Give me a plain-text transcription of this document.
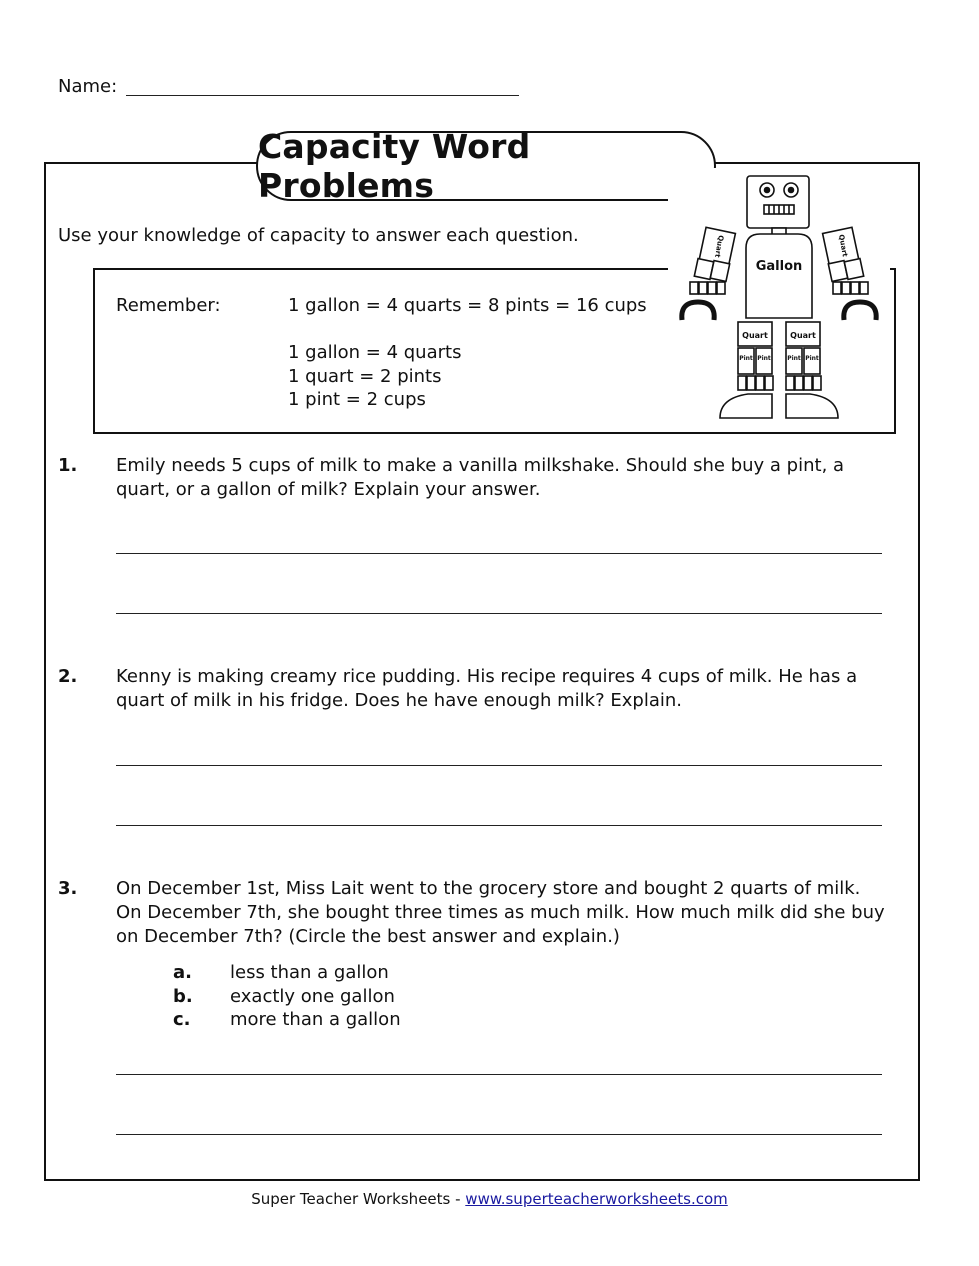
Name:
Capacity Word Problems
Use your knowledge of capacity to answer each question.
Remember:	1 gallon = 4 quarts = 8 pints = 16 cups
1 gallon = 4 quarts
1 quart = 2 pints
1 pint = 2 cups
Gallon
Quart	Quart
Quart	Quart
Pint Pint	Pint Pint
1. Emily needs 5 cups of milk to make a vanilla milkshake. Should she buy a pint, a
quart, or a gallon of milk? Explain your answer.
2. Kenny is making creamy rice pudding. His recipe requires 4 cups of milk. He has a
quart of milk in his fridge. Does he have enough milk? Explain.
3. On December 1st, Miss Lait went to the grocery store and bought 2 quarts of milk.
On December 7th, she bought three times as much milk. How much milk did she buy
on December 7th? (Circle the best answer and explain.)
a. less than a gallon
b. exactly one gallon
c. more than a gallon
Super Teacher Worksheets - www.superteacherworksheets.com
